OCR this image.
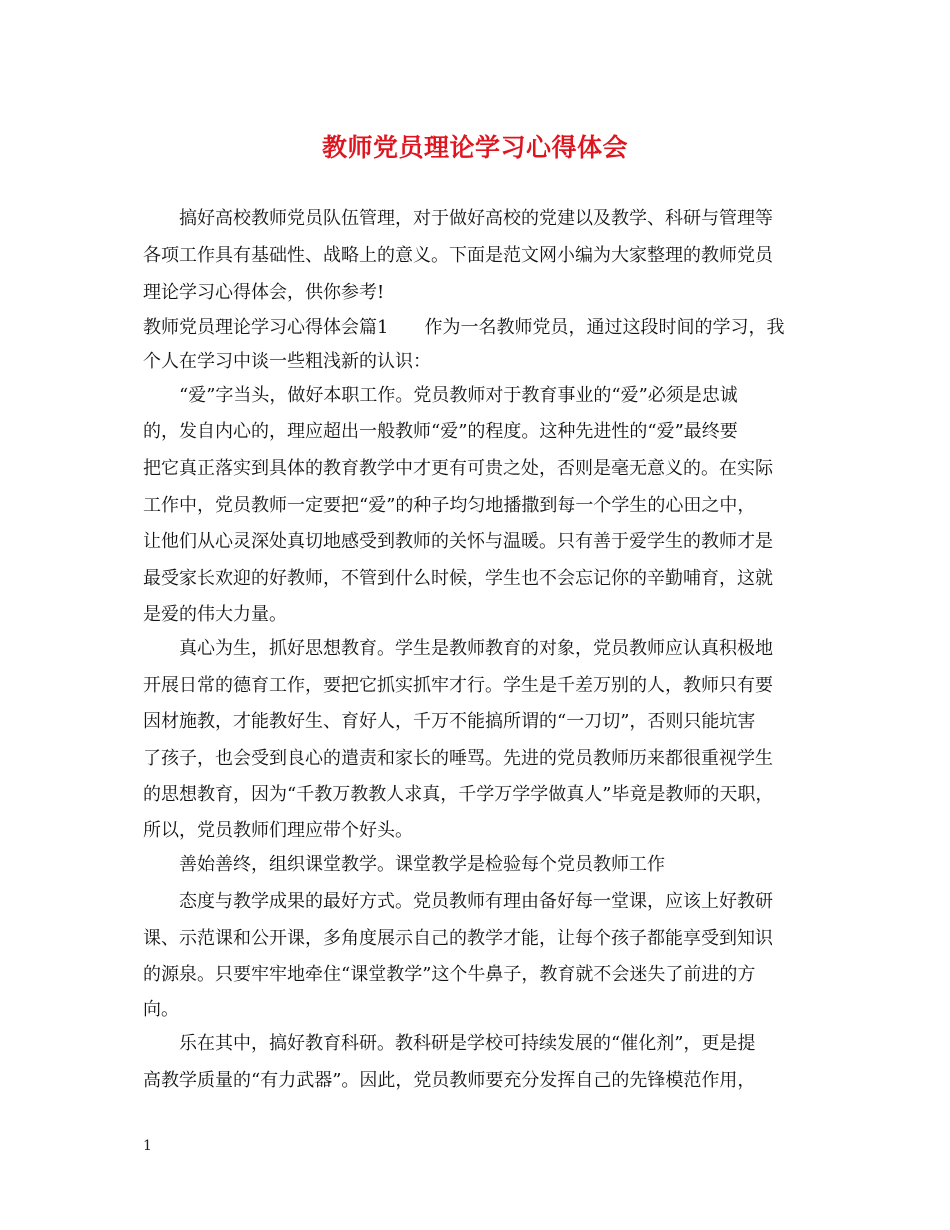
教师党员理论学习心得体会
搞好高校教师党员队伍管理，对于做好高校的党建以及教学、科研与管理等
各项工作具有基础性、战略上的意义。下面是范文网小编为大家整理的教师党员
理论学习心得体会，供你参考!
教师党员理论学习心得体会篇1　　作为一名教师党员，通过这段时间的学习，我
个人在学习中谈一些粗浅新的认识：
“爱”字当头，做好本职工作。党员教师对于教育事业的“爱”必须是忠诚
的，发自内心的，理应超出一般教师“爱”的程度。这种先进性的“爱”最终要
把它真正落实到具体的教育教学中才更有可贵之处，否则是毫无意义的。在实际
工作中，党员教师一定要把“爱”的种子均匀地播撒到每一个学生的心田之中，
让他们从心灵深处真切地感受到教师的关怀与温暖。只有善于爱学生的教师才是
最受家长欢迎的好教师，不管到什么时候，学生也不会忘记你的辛勤哺育，这就
是爱的伟大力量。
真心为生，抓好思想教育。学生是教师教育的对象，党员教师应认真积极地
开展日常的德育工作，要把它抓实抓牢才行。学生是千差万别的人，教师只有要
因材施教，才能教好生、育好人，千万不能搞所谓的“一刀切”，否则只能坑害
了孩子，也会受到良心的遣责和家长的唾骂。先进的党员教师历来都很重视学生
的思想教育，因为“千教万教教人求真，千学万学学做真人”毕竟是教师的天职，
所以，党员教师们理应带个好头。
善始善终，组织课堂教学。课堂教学是检验每个党员教师工作
态度与教学成果的最好方式。党员教师有理由备好每一堂课，应该上好教研
课、示范课和公开课，多角度展示自己的教学才能，让每个孩子都能享受到知识
的源泉。只要牢牢地牵住“课堂教学”这个牛鼻子，教育就不会迷失了前进的方
向。
乐在其中，搞好教育科研。教科研是学校可持续发展的“催化剂”，更是提
高教学质量的“有力武器”。因此，党员教师要充分发挥自己的先锋模范作用，
1
